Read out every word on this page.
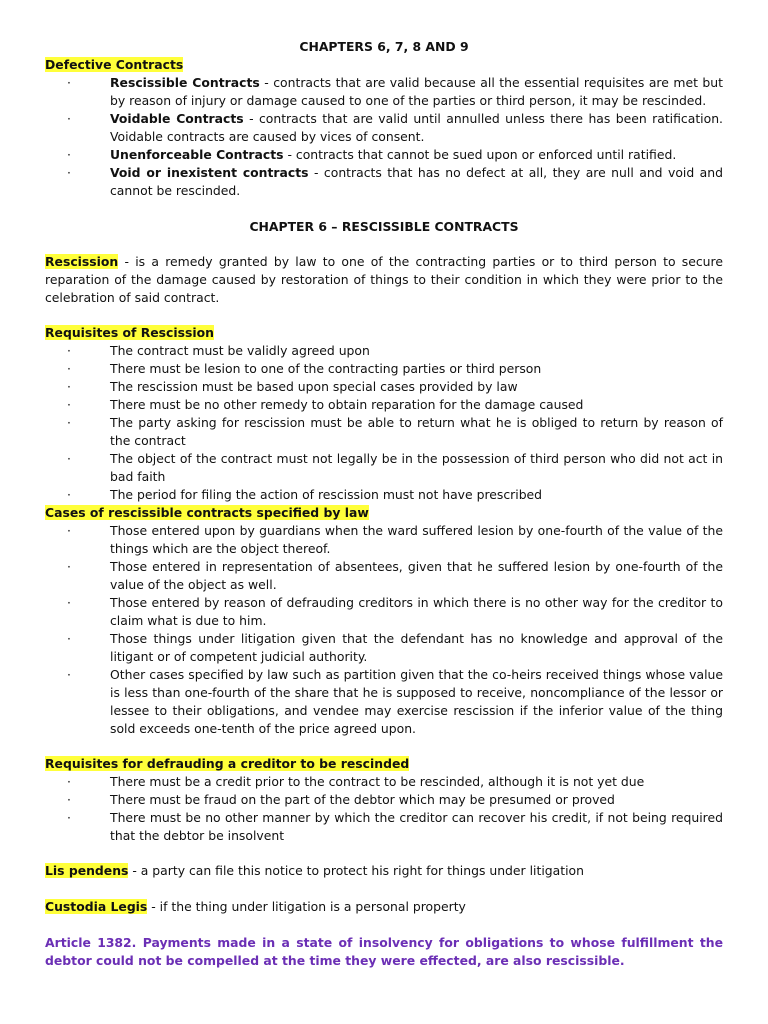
CHAPTERS 6, 7, 8 AND 9

Defective Contracts

·	Rescissible Contracts - contracts that are valid because all the essential requisites are met but by reason of injury or damage caused to one of the parties or third person, it may be rescinded.
·	Voidable Contracts - contracts that are valid until annulled unless there has been ratification. Voidable contracts are caused by vices of consent.
·	Unenforceable Contracts - contracts that cannot be sued upon or enforced until ratified.
·	Void or inexistent contracts - contracts that has no defect at all, they are null and void and cannot be rescinded.

CHAPTER 6 – RESCISSIBLE CONTRACTS

Rescission - is a remedy granted by law to one of the contracting parties or to third person to secure reparation of the damage caused by restoration of things to their condition in which they were prior to the celebration of said contract.

Requisites of Rescission

·	The contract must be validly agreed upon
·	There must be lesion to one of the contracting parties or third person
·	The rescission must be based upon special cases provided by law
·	There must be no other remedy to obtain reparation for the damage caused
·	The party asking for rescission must be able to return what he is obliged to return by reason of the contract
·	The object of the contract must not legally be in the possession of third person who did not act in bad faith
·	The period for filing the action of rescission must not have prescribed

Cases of rescissible contracts specified by law

·	Those entered upon by guardians when the ward suffered lesion by one-fourth of the value of the things which are the object thereof.
·	Those entered in representation of absentees, given that he suffered lesion by one-fourth of the value of the object as well.
·	Those entered by reason of defrauding creditors in which there is no other way for the creditor to claim what is due to him.
·	Those things under litigation given that the defendant has no knowledge and approval of the litigant or of competent judicial authority.
·	Other cases specified by law such as partition given that the co-heirs received things whose value is less than one-fourth of the share that he is supposed to receive, noncompliance of the lessor or lessee to their obligations, and vendee may exercise rescission if the inferior value of the thing sold exceeds one-tenth of the price agreed upon.

Requisites for defrauding a creditor to be rescinded

·	There must be a credit prior to the contract to be rescinded, although it is not yet due
·	There must be fraud on the part of the debtor which may be presumed or proved
·	There must be no other manner by which the creditor can recover his credit, if not being required that the debtor be insolvent

Lis pendens - a party can file this notice to protect his right for things under litigation

Custodia Legis - if the thing under litigation is a personal property

Article 1382. Payments made in a state of insolvency for obligations to whose fulfillment the debtor could not be compelled at the time they were effected, are also rescissible.
